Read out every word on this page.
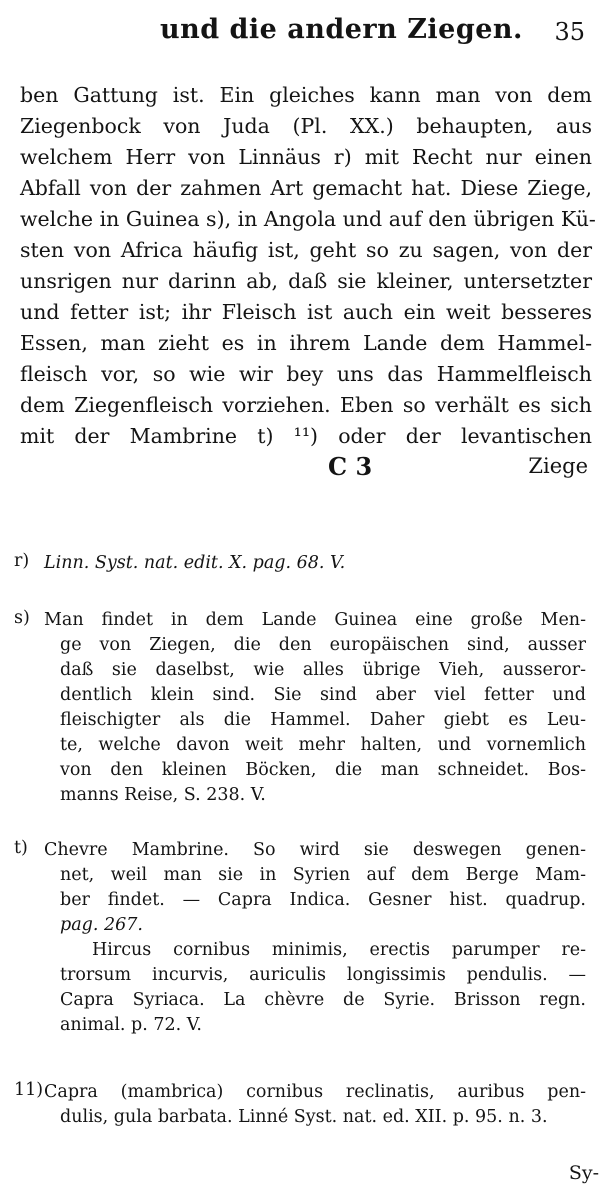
und die andern Ziegen. 35
ben Gattung ist. Ein gleiches kann man von dem
Ziegenbock von Juda (Pl. XX.) behaupten, aus
welchem Herr von Linnäus r) mit Recht nur einen
Abfall von der zahmen Art gemacht hat. Diese Ziege,
welche in Guinea s), in Angola und auf den übrigen Kü-
sten von Africa häufig ist, geht so zu sagen, von der
unsrigen nur darinn ab, daß sie kleiner, untersetzter
und fetter ist; ihr Fleisch ist auch ein weit besseres
Essen, man zieht es in ihrem Lande dem Hammel-
fleisch vor, so wie wir bey uns das Hammelfleisch
dem Ziegenfleisch vorziehen. Eben so verhält es sich
mit der Mambrine t) ¹¹) oder der levantischen
C 3	Ziege
r) Linn. Syst. nat. edit. X. pag. 68. V.
s) Man findet in dem Lande Guinea eine große Men-
ge von Ziegen, die den europäischen sind, ausser
daß sie daselbst, wie alles übrige Vieh, ausseror-
dentlich klein sind. Sie sind aber viel fetter und
fleischigter als die Hammel. Daher giebt es Leu-
te, welche davon weit mehr halten, und vornemlich
von den kleinen Böcken, die man schneidet. Bos-
manns Reise, S. 238. V.
t) Chevre Mambrine. So wird sie deswegen genen-
net, weil man sie in Syrien auf dem Berge Mam-
ber findet. — Capra Indica. Gesner hist. quadrup.
pag. 267.
Hircus cornibus minimis, erectis parumper re-
trorsum incurvis, auriculis longissimis pendulis. —
Capra Syriaca. La chèvre de Syrie. Brisson regn.
animal. p. 72. V.
11) Capra (mambrica) cornibus reclinatis, auribus pen-
dulis, gula barbata. Linné Syst. nat. ed. XII. p. 95. n. 3.
Sy-
